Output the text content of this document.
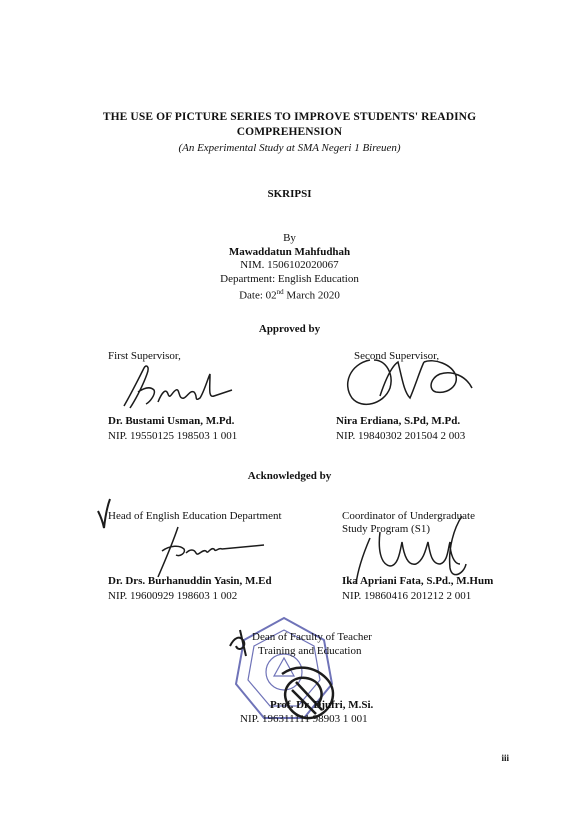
THE USE OF PICTURE SERIES TO IMPROVE STUDENTS' READING
COMPREHENSION
(An Experimental Study at SMA Negeri 1 Bireuen)
SKRIPSI
By
Mawaddatun Mahfudhah
NIM. 1506102020067
Department: English Education
Date: 02nd March 2020
Approved by
First Supervisor,
Dr. Bustami Usman, M.Pd.
NIP. 19550125 198503 1 001
Second Supervisor,
Nira Erdiana, S.Pd, M.Pd.
NIP. 19840302 201504 2 003
Acknowledged by
Head of English Education Department
Dr. Drs. Burhanuddin Yasin, M.Ed
NIP. 19600929 198603 1 002
Coordinator of Undergraduate
Study Program (S1)
Ika Apriani Fata, S.Pd., M.Hum
NIP. 19860416 201212 2 001
Dean of Faculty of Teacher
Training and Education
Prof. Dr. Djufri, M.Si.
NIP. 196311111 98903 1 001
iii
